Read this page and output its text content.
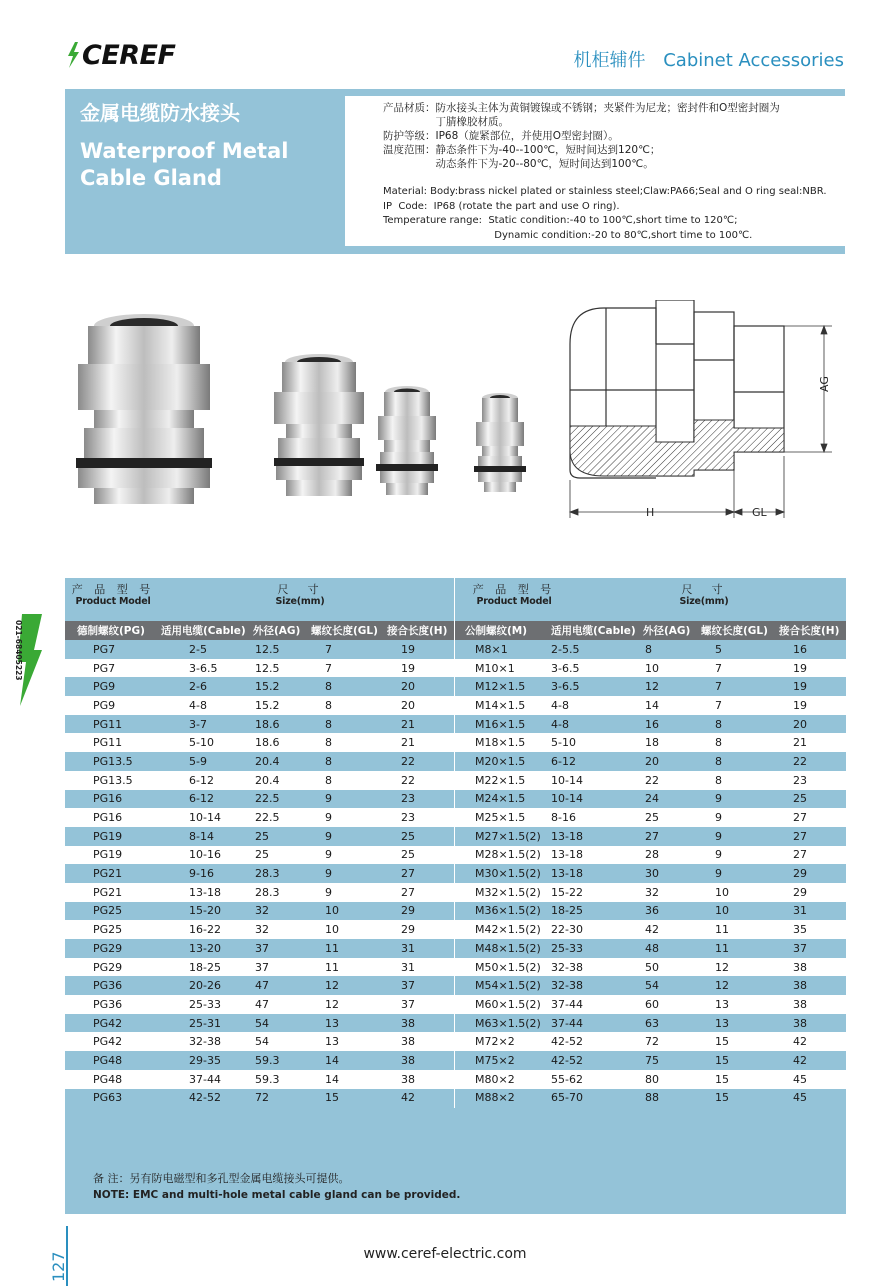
CEREF	机柜辅件 Cabinet Accessories
金属电缆防水接头
Waterproof Metal
Cable Gland
产品材质：防水接头主体为黄铜镀镍或不锈钢；夹紧件为尼龙；密封件和O型密封圈为
　　　　　丁腈橡胶材质。
防护等级：IP68（旋紧部位，并使用O型密封圈）。
温度范围：静态条件下为-40--100℃，短时间达到120℃；
　　　　　动态条件下为-20--80℃，短时间达到100℃。
Material: Body:brass nickel plated or stainless steel;Claw:PA66;Seal and O ring seal:NBR.
IP  Code:  IP68 (rotate the part and use O ring).
Temperature range:  Static condition:-40 to 100℃,short time to 120℃;
Dynamic condition:-20 to 80℃,short time to 100℃.
AG
H	GL
产 品 型 号
Product Model
尺　寸
Size(mm)
德制螺纹(PG)	适用电缆(Cable) 外径(AG)	螺纹长度(GL) 接合长度(H)
PG7	2-5	12.5	7	19
PG7	3-6.5	12.5	7	19
PG9	2-6	15.2	8	20
PG9	4-8	15.2	8	20
PG11	3-7	18.6	8	21
PG11	5-10	18.6	8	21
PG13.5	5-9	20.4	8	22
PG13.5	6-12	20.4	8	22
PG16	6-12	22.5	9	23
PG16	10-14	22.5	9	23
PG19	8-14	25	9	25
PG19	10-16	25	9	25
PG21	9-16	28.3	9	27
PG21	13-18	28.3	9	27
PG25	15-20	32	10	29
PG25	16-22	32	10	29
PG29	13-20	37	11	31
PG29	18-25	37	11	31
PG36	20-26	47	12	37
PG36	25-33	47	12	37
PG42	25-31	54	13	38
PG42	32-38	54	13	38
PG48	29-35	59.3	14	38
PG48	37-44	59.3	14	38
PG63	42-52	72	15	42
产 品 型 号
Product Model
尺　寸
Size(mm)
公制螺纹(M)	适用电缆(Cable) 外径(AG)	螺纹长度(GL)	接合长度(H)
M8×1	2-5.5	8	5	16
M10×1	3-6.5	10	7	19
M12×1.5	3-6.5	12	7	19
M14×1.5	4-8	14	7	19
M16×1.5	4-8	16	8	20
M18×1.5	5-10	18	8	21
M20×1.5	6-12	20	8	22
M22×1.5	10-14	22	8	23
M24×1.5	10-14	24	9	25
M25×1.5	8-16	25	9	27
M27×1.5(2) 13-18	27	9	27
M28×1.5(2) 13-18	28	9	27
M30×1.5(2) 13-18	30	9	29
M32×1.5(2) 15-22	32	10	29
M36×1.5(2) 18-25	36	10	31
M42×1.5(2) 22-30	42	11	35
M48×1.5(2) 25-33	48	11	37
M50×1.5(2) 32-38	50	12	38
M54×1.5(2) 32-38	54	12	38
M60×1.5(2) 37-44	60	13	38
M63×1.5(2) 37-44	63	13	38
M72×2	42-52	72	15	42
M75×2	42-52	75	15	42
M80×2	55-62	80	15	45
M88×2	65-70	88	15	45
备 注：另有防电磁型和多孔型金属电缆接头可提供。
NOTE: EMC and multi-hole metal cable gland can be provided.
021-68405223
127	www.ceref-electric.com
